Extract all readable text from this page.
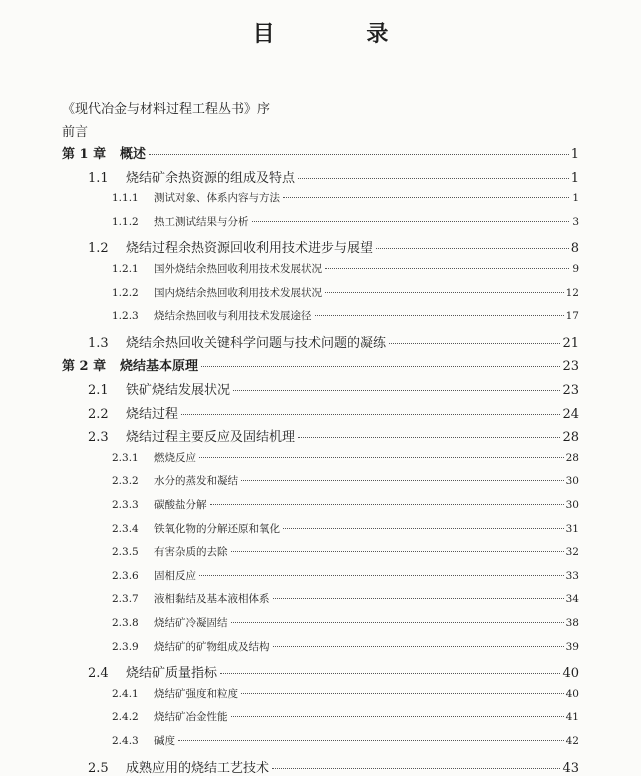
目 录
《现代冶金与材料过程工程丛书》序
前言
第 1 章 概述	1
1.1	烧结矿余热资源的组成及特点	1
1.1.1	测试对象、体系内容与方法	1
1.1.2	热工测试结果与分析	3
1.2	烧结过程余热资源回收利用技术进步与展望	8
1.2.1	国外烧结余热回收利用技术发展状况	9
1.2.2	国内烧结余热回收利用技术发展状况	12
1.2.3	烧结余热回收与利用技术发展途径	17
1.3	烧结余热回收关键科学问题与技术问题的凝练	21
第 2 章 烧结基本原理	23
2.1	铁矿烧结发展状况	23
2.2	烧结过程	24
2.3	烧结过程主要反应及固结机理	28
2.3.1	燃烧反应	28
2.3.2	水分的蒸发和凝结	30
2.3.3	碳酸盐分解	30
2.3.4	铁氧化物的分解还原和氧化	31
2.3.5	有害杂质的去除	32
2.3.6	固相反应	33
2.3.7	液相黏结及基本液相体系	34
2.3.8	烧结矿冷凝固结	38
2.3.9	烧结矿的矿物组成及结构	39
2.4	烧结矿质量指标	40
2.4.1	烧结矿强度和粒度	40
2.4.2	烧结矿冶金性能	41
2.4.3	碱度	42
2.5	成熟应用的烧结工艺技术	43
